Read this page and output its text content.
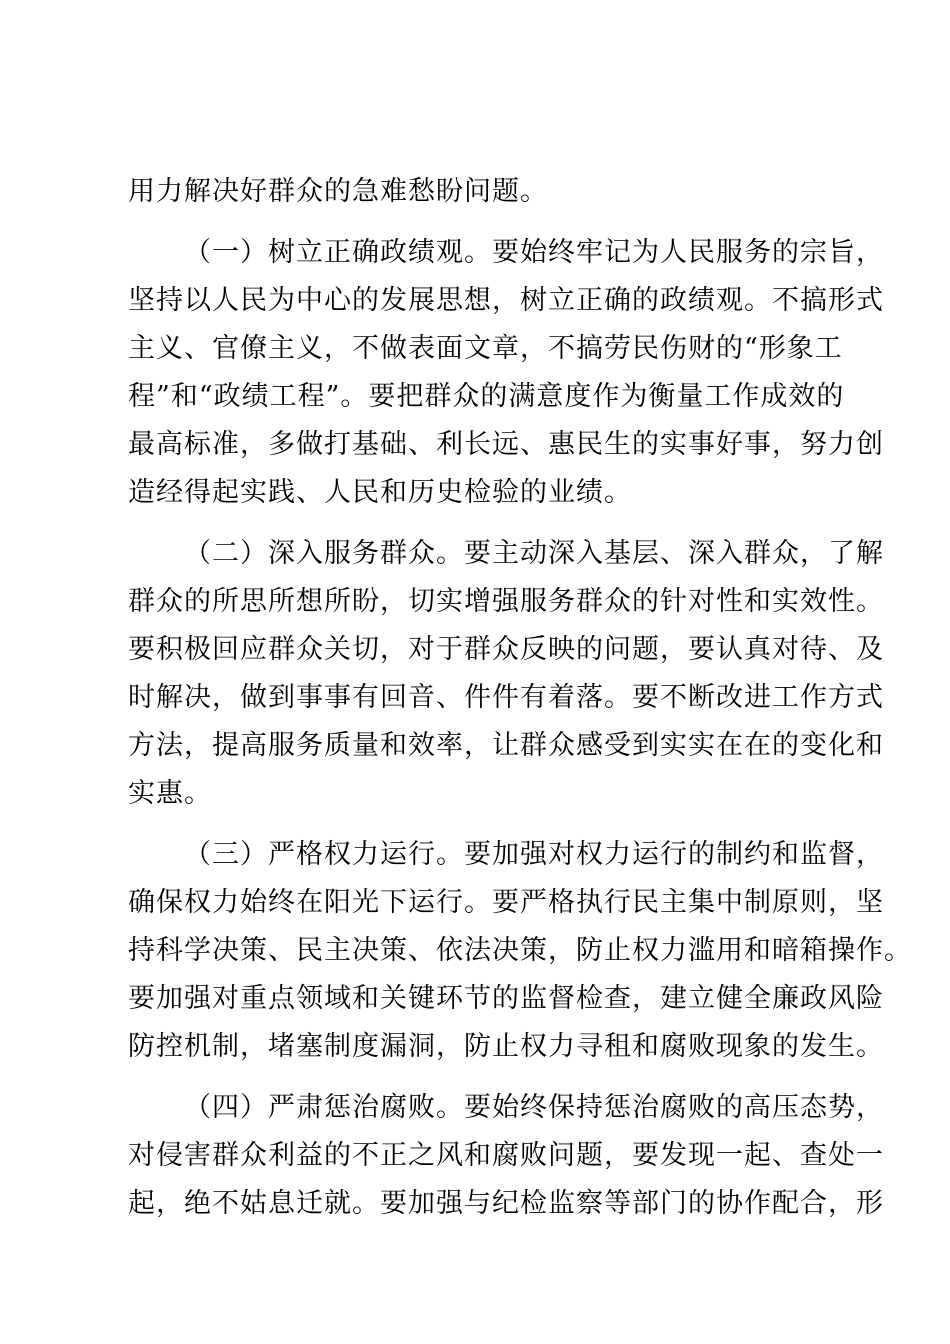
用力解决好群众的急难愁盼问题。

（一）树立正确政绩观。要始终牢记为人民服务的宗旨，
坚持以人民为中心的发展思想，树立正确的政绩观。不搞形式
主义、官僚主义，不做表面文章，不搞劳民伤财的“形象工
程”和“政绩工程”。要把群众的满意度作为衡量工作成效的
最高标准，多做打基础、利长远、惠民生的实事好事，努力创
造经得起实践、人民和历史检验的业绩。

（二）深入服务群众。要主动深入基层、深入群众，了解
群众的所思所想所盼，切实增强服务群众的针对性和实效性。
要积极回应群众关切，对于群众反映的问题，要认真对待、及
时解决，做到事事有回音、件件有着落。要不断改进工作方式
方法，提高服务质量和效率，让群众感受到实实在在的变化和
实惠。

（三）严格权力运行。要加强对权力运行的制约和监督，
确保权力始终在阳光下运行。要严格执行民主集中制原则，坚
持科学决策、民主决策、依法决策，防止权力滥用和暗箱操作。
要加强对重点领域和关键环节的监督检查，建立健全廉政风险
防控机制，堵塞制度漏洞，防止权力寻租和腐败现象的发生。

（四）严肃惩治腐败。要始终保持惩治腐败的高压态势，
对侵害群众利益的不正之风和腐败问题，要发现一起、查处一
起，绝不姑息迁就。要加强与纪检监察等部门的协作配合，形
